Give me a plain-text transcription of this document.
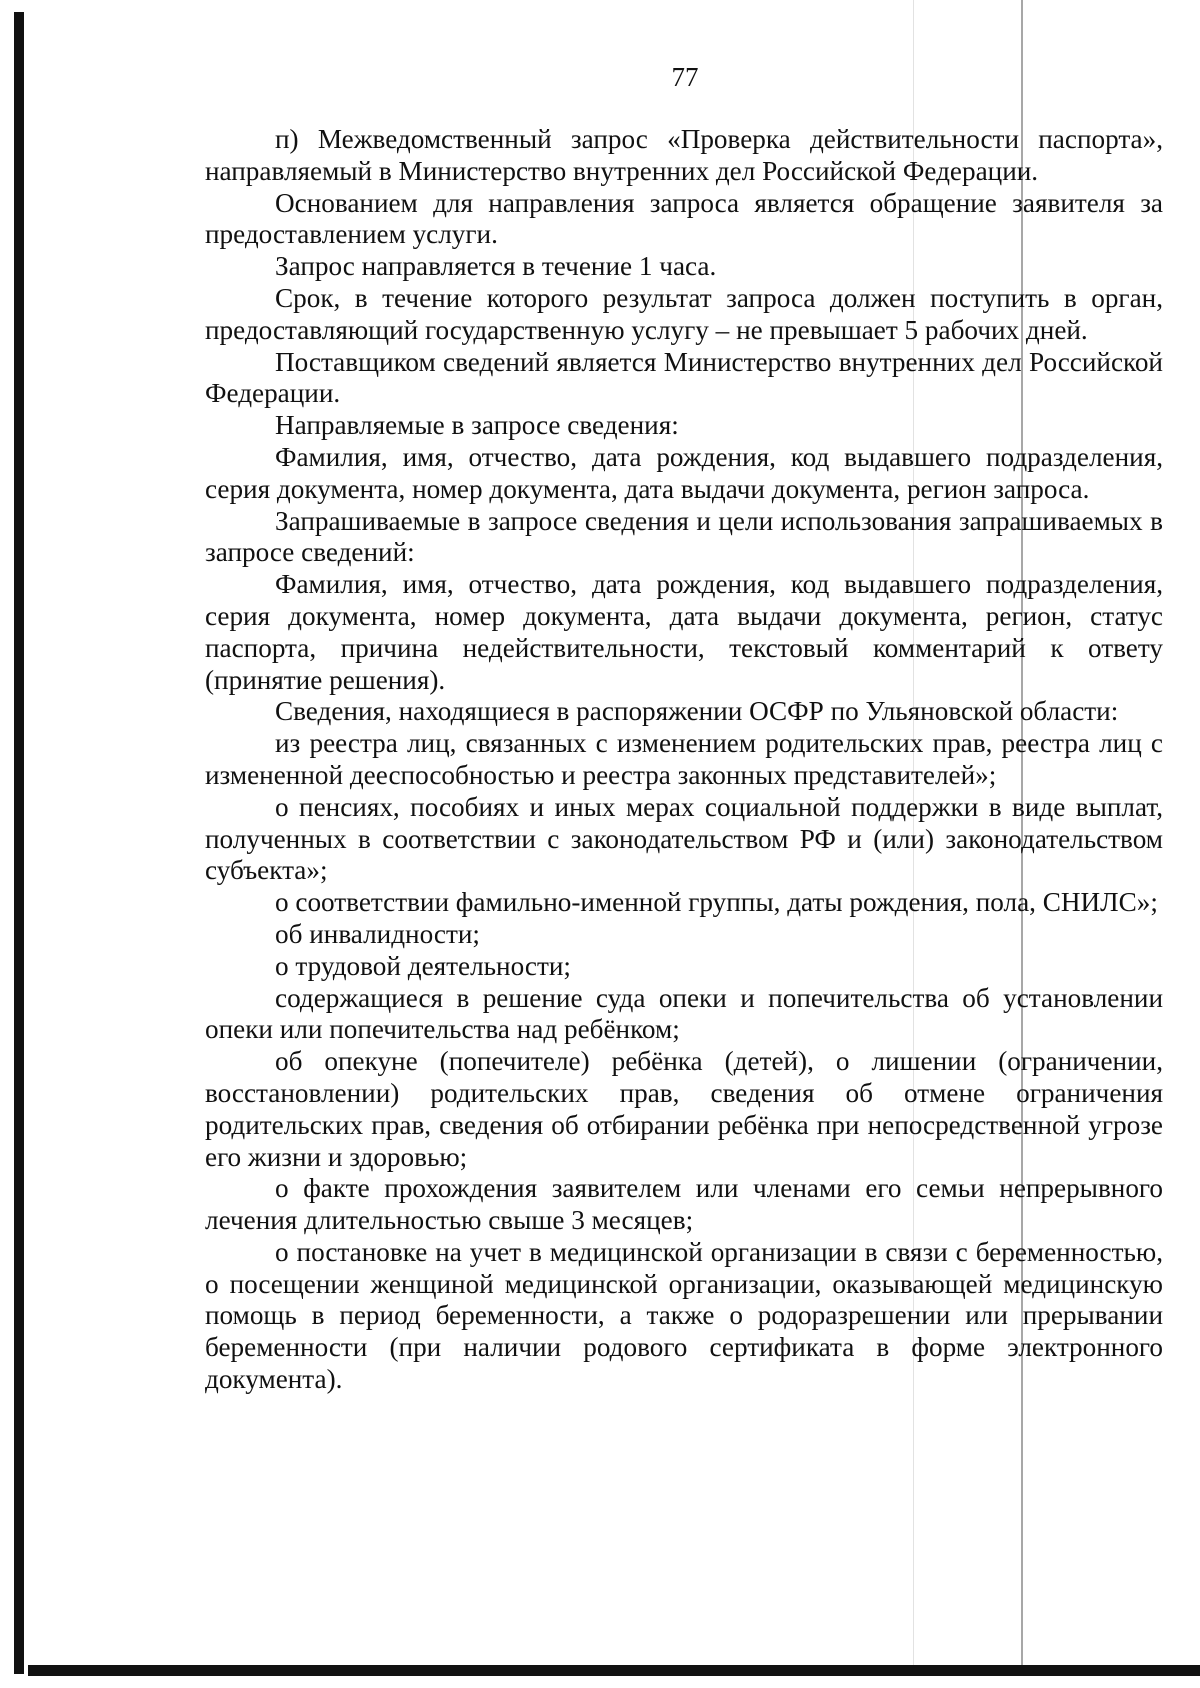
77

п) Межведомственный запрос «Проверка действительности паспорта», направляемый в Министерство внутренних дел Российской Федерации.

Основанием для направления запроса является обращение заявителя за предоставлением услуги.

Запрос направляется в течение 1 часа.

Срок, в течение которого результат запроса должен поступить в орган, предоставляющий государственную услугу – не превышает 5 рабочих дней.

Поставщиком сведений является Министерство внутренних дел Российской Федерации.

Направляемые в запросе сведения:

Фамилия, имя, отчество, дата рождения, код выдавшего подразделения, серия документа, номер документа, дата выдачи документа, регион запроса.

Запрашиваемые в запросе сведения и цели использования запрашиваемых в запросе сведений:

Фамилия, имя, отчество, дата рождения, код выдавшего подразделения, серия документа, номер документа, дата выдачи документа, регион, статус паспорта, причина недействительности, текстовый комментарий к ответу (принятие решения).

Сведения, находящиеся в распоряжении ОСФР по Ульяновской области:

из реестра лиц, связанных с изменением родительских прав, реестра лиц с измененной дееспособностью и реестра законных представителей»;

о пенсиях, пособиях и иных мерах социальной поддержки в виде выплат, полученных в соответствии с законодательством РФ и (или) законодательством субъекта»;

о соответствии фамильно-именной группы, даты рождения, пола, СНИЛС»;

об инвалидности;

о трудовой деятельности;

содержащиеся в решение суда опеки и попечительства об установлении опеки или попечительства над ребёнком;

об опекуне (попечителе) ребёнка (детей), о лишении (ограничении, восстановлении) родительских прав, сведения об отмене ограничения родительских прав, сведения об отбирании ребёнка при непосредственной угрозе его жизни и здоровью;

о факте прохождения заявителем или членами его семьи непрерывного лечения длительностью свыше 3 месяцев;

о постановке на учет в медицинской организации в связи с беременностью, о посещении женщиной медицинской организации, оказывающей медицинскую помощь в период беременности, а также о родоразрешении или прерывании беременности (при наличии родового сертификата в форме электронного документа).
